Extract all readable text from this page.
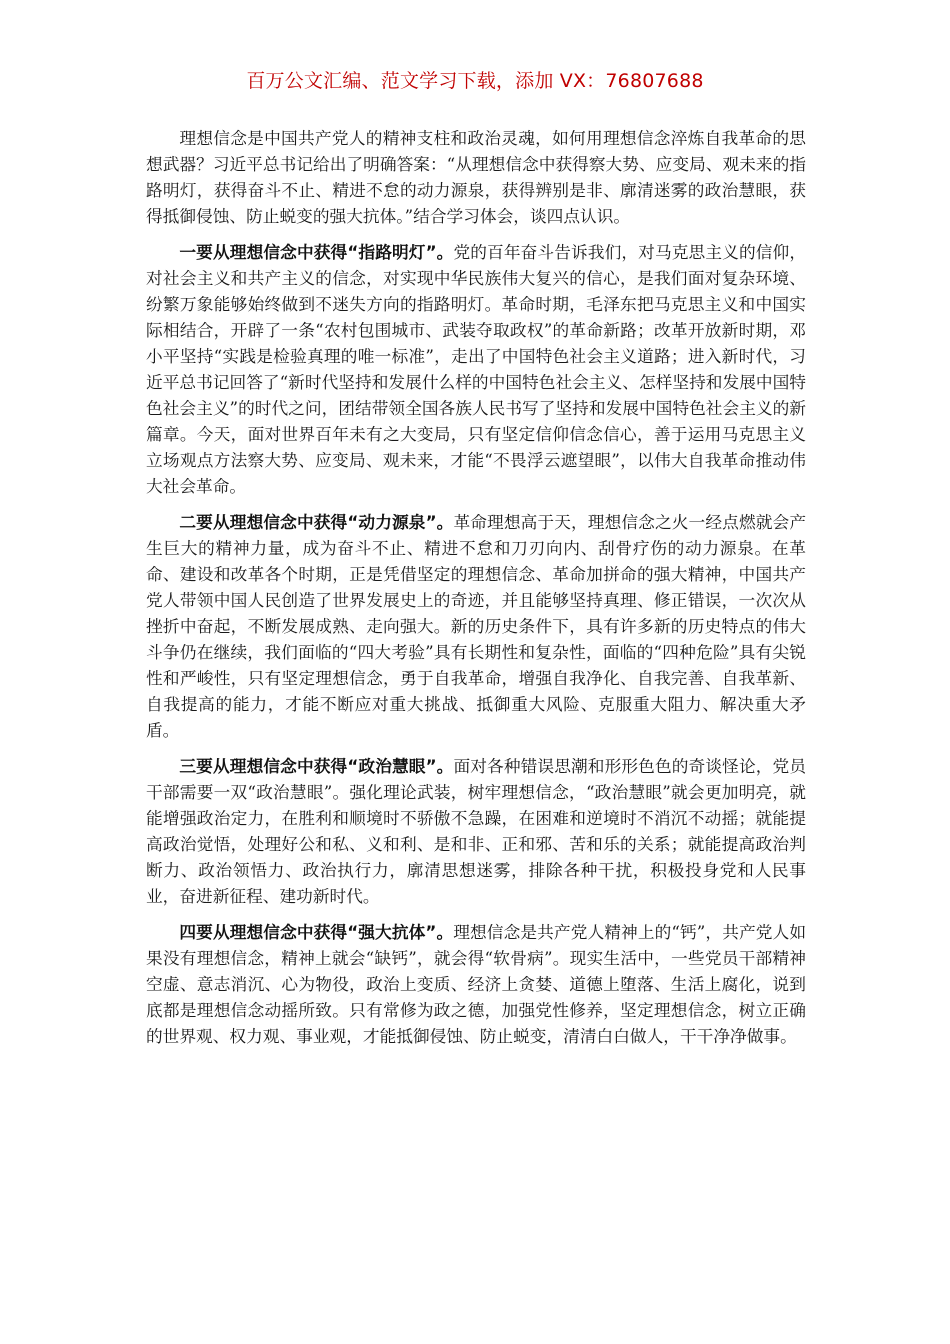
百万公文汇编、范文学习下载，添加 VX：76807688

理想信念是中国共产党人的精神支柱和政治灵魂，如何用理想信念淬炼自我革命的思想武器？习近平总书记给出了明确答案：“从理想信念中获得察大势、应变局、观未来的指路明灯，获得奋斗不止、精进不怠的动力源泉，获得辨别是非、廓清迷雾的政治慧眼，获得抵御侵蚀、防止蜕变的强大抗体。”结合学习体会，谈四点认识。

一要从理想信念中获得“指路明灯”。党的百年奋斗告诉我们，对马克思主义的信仰，对社会主义和共产主义的信念，对实现中华民族伟大复兴的信心，是我们面对复杂环境、纷繁万象能够始终做到不迷失方向的指路明灯。革命时期，毛泽东把马克思主义和中国实际相结合，开辟了一条“农村包围城市、武装夺取政权”的革命新路；改革开放新时期，邓小平坚持“实践是检验真理的唯一标准”，走出了中国特色社会主义道路；进入新时代，习近平总书记回答了“新时代坚持和发展什么样的中国特色社会主义、怎样坚持和发展中国特色社会主义”的时代之问，团结带领全国各族人民书写了坚持和发展中国特色社会主义的新篇章。今天，面对世界百年未有之大变局，只有坚定信仰信念信心，善于运用马克思主义立场观点方法察大势、应变局、观未来，才能“不畏浮云遮望眼”，以伟大自我革命推动伟大社会革命。

二要从理想信念中获得“动力源泉”。革命理想高于天，理想信念之火一经点燃就会产生巨大的精神力量，成为奋斗不止、精进不怠和刀刃向内、刮骨疗伤的动力源泉。在革命、建设和改革各个时期，正是凭借坚定的理想信念、革命加拼命的强大精神，中国共产党人带领中国人民创造了世界发展史上的奇迹，并且能够坚持真理、修正错误，一次次从挫折中奋起，不断发展成熟、走向强大。新的历史条件下，具有许多新的历史特点的伟大斗争仍在继续，我们面临的“四大考验”具有长期性和复杂性，面临的“四种危险”具有尖锐性和严峻性，只有坚定理想信念，勇于自我革命，增强自我净化、自我完善、自我革新、自我提高的能力，才能不断应对重大挑战、抵御重大风险、克服重大阻力、解决重大矛盾。

三要从理想信念中获得“政治慧眼”。面对各种错误思潮和形形色色的奇谈怪论，党员干部需要一双“政治慧眼”。强化理论武装，树牢理想信念，“政治慧眼”就会更加明亮，就能增强政治定力，在胜利和顺境时不骄傲不急躁，在困难和逆境时不消沉不动摇；就能提高政治觉悟，处理好公和私、义和利、是和非、正和邪、苦和乐的关系；就能提高政治判断力、政治领悟力、政治执行力，廓清思想迷雾，排除各种干扰，积极投身党和人民事业，奋进新征程、建功新时代。

四要从理想信念中获得“强大抗体”。理想信念是共产党人精神上的“钙”，共产党人如果没有理想信念，精神上就会“缺钙”，就会得“软骨病”。现实生活中，一些党员干部精神空虚、意志消沉、心为物役，政治上变质、经济上贪婪、道德上堕落、生活上腐化，说到底都是理想信念动摇所致。只有常修为政之德，加强党性修养，坚定理想信念，树立正确的世界观、权力观、事业观，才能抵御侵蚀、防止蜕变，清清白白做人，干干净净做事。
